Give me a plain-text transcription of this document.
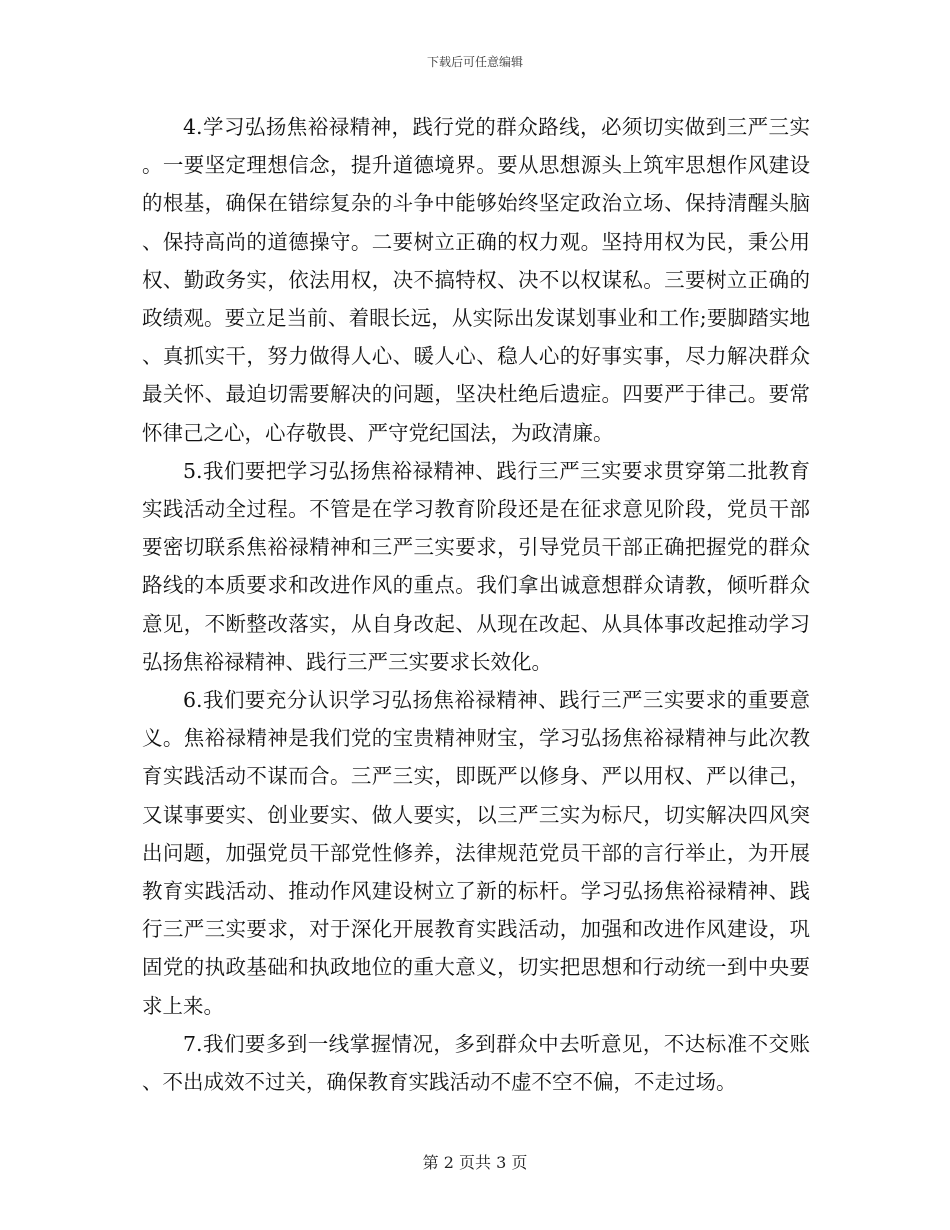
下载后可任意编辑

4.学习弘扬焦裕禄精神，践行党的群众路线，必须切实做到三严三实。一要坚定理想信念，提升道德境界。要从思想源头上筑牢思想作风建设的根基，确保在错综复杂的斗争中能够始终坚定政治立场、保持清醒头脑、保持高尚的道德操守。二要树立正确的权力观。坚持用权为民，秉公用权、勤政务实，依法用权，决不搞特权、决不以权谋私。三要树立正确的政绩观。要立足当前、着眼长远，从实际出发谋划事业和工作;要脚踏实地、真抓实干，努力做得人心、暖人心、稳人心的好事实事，尽力解决群众最关怀、最迫切需要解决的问题，坚决杜绝后遗症。四要严于律己。要常怀律己之心，心存敬畏、严守党纪国法，为政清廉。

5.我们要把学习弘扬焦裕禄精神、践行三严三实要求贯穿第二批教育实践活动全过程。不管是在学习教育阶段还是在征求意见阶段，党员干部要密切联系焦裕禄精神和三严三实要求，引导党员干部正确把握党的群众路线的本质要求和改进作风的重点。我们拿出诚意想群众请教，倾听群众意见，不断整改落实，从自身改起、从现在改起、从具体事改起推动学习弘扬焦裕禄精神、践行三严三实要求长效化。

6.我们要充分认识学习弘扬焦裕禄精神、践行三严三实要求的重要意义。焦裕禄精神是我们党的宝贵精神财宝，学习弘扬焦裕禄精神与此次教育实践活动不谋而合。三严三实，即既严以修身、严以用权、严以律己，又谋事要实、创业要实、做人要实，以三严三实为标尺，切实解决四风突出问题，加强党员干部党性修养，法律规范党员干部的言行举止，为开展教育实践活动、推动作风建设树立了新的标杆。学习弘扬焦裕禄精神、践行三严三实要求，对于深化开展教育实践活动，加强和改进作风建设，巩固党的执政基础和执政地位的重大意义，切实把思想和行动统一到中央要求上来。

7.我们要多到一线掌握情况，多到群众中去听意见，不达标准不交账、不出成效不过关，确保教育实践活动不虚不空不偏，不走过场。

第 2 页共 3 页
